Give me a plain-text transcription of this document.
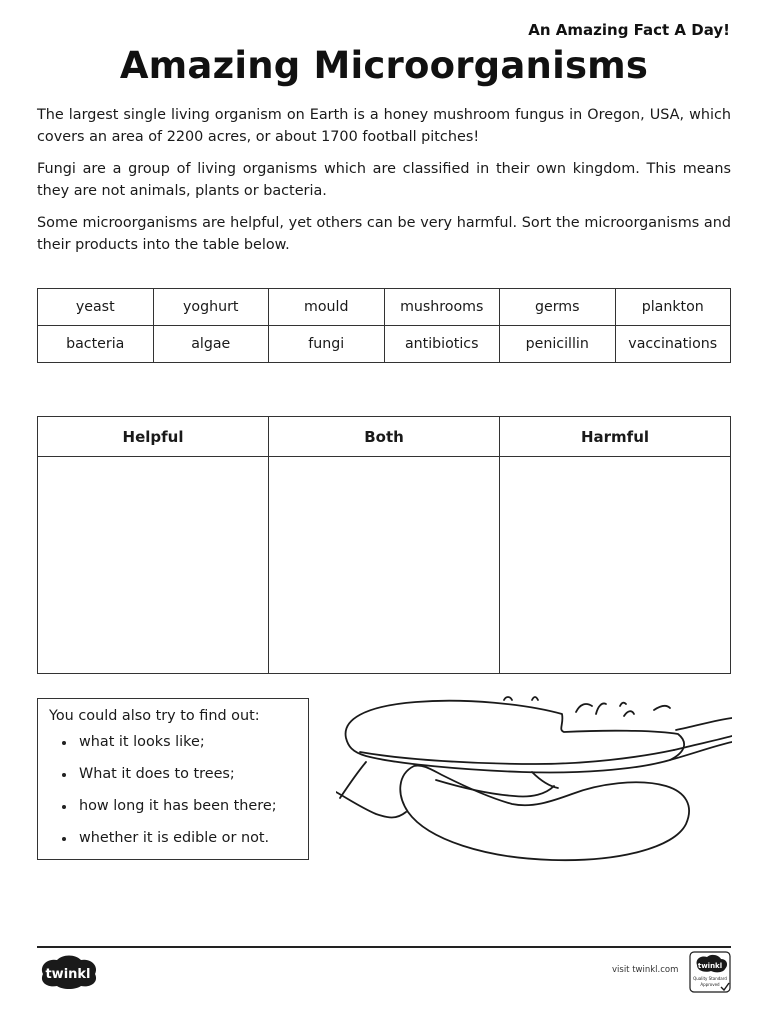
An Amazing Fact A Day!
Amazing Microorganisms

The largest single living organism on Earth is a honey mushroom fungus in Oregon, USA, which covers an area of 2200 acres, or about 1700 football pitches!

Fungi are a group of living organisms which are classified in their own kingdom. This means they are not animals, plants or bacteria.

Some microorganisms are helpful, yet others can be very harmful. Sort the microorganisms and their products into the table below.

yeast	yoghurt	mould	mushrooms	germs	plankton
bacteria	algae	fungi	antibiotics	penicillin	vaccinations
Helpful	Both	Harmful

You could also try to find out:

what it looks like;
What it does to trees;
how long it has been there;
whether it is edible or not.
twinkl	visit twinkl.com	twinkl
Quality Standard
Approved
